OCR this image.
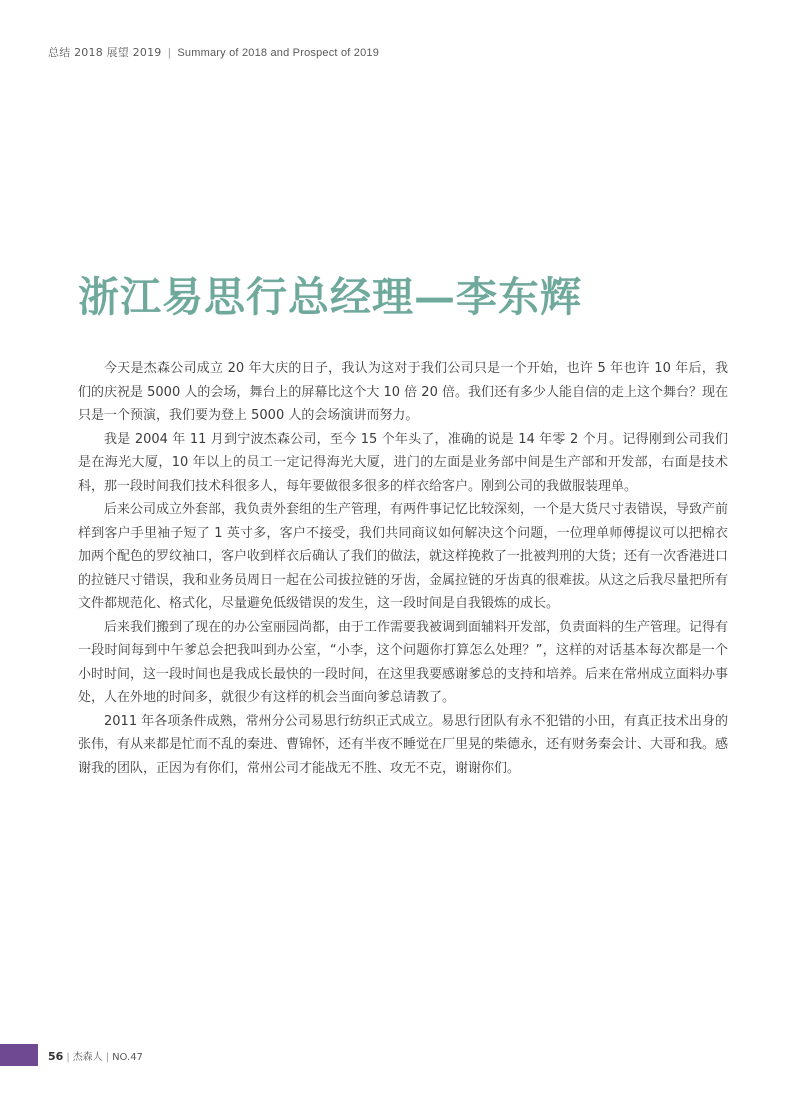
总结 2018 展望 2019 | Summary of 2018 and Prospect of 2019
浙江易思行总经理—李东辉

今天是杰森公司成立 20 年大庆的日子，我认为这对于我们公司只是一个开始，也许 5 年也许 10 年后，我们的庆祝是 5000 人的会场，舞台上的屏幕比这个大 10 倍 20 倍。我们还有多少人能自信的走上这个舞台？现在只是一个预演，我们要为登上 5000 人的会场演讲而努力。

我是 2004 年 11 月到宁波杰森公司，至今 15 个年头了，准确的说是 14 年零 2 个月。记得刚到公司我们是在海光大厦，10 年以上的员工一定记得海光大厦，进门的左面是业务部中间是生产部和开发部，右面是技术科，那一段时间我们技术科很多人，每年要做很多很多的样衣给客户。刚到公司的我做服装理单。

后来公司成立外套部，我负责外套组的生产管理，有两件事记忆比较深刻，一个是大货尺寸表错误，导致产前样到客户手里袖子短了 1 英寸多，客户不接受，我们共同商议如何解决这个问题，一位理单师傅提议可以把棉衣加两个配色的罗纹袖口，客户收到样衣后确认了我们的做法，就这样挽救了一批被判刑的大货；还有一次香港进口的拉链尺寸错误，我和业务员周日一起在公司拔拉链的牙齿，金属拉链的牙齿真的很难拔。从这之后我尽量把所有文件都规范化、格式化，尽量避免低级错误的发生，这一段时间是自我锻炼的成长。

后来我们搬到了现在的办公室丽园尚都，由于工作需要我被调到面辅料开发部，负责面料的生产管理。记得有一段时间每到中午爹总会把我叫到办公室，“小李，这个问题你打算怎么处理？”，这样的对话基本每次都是一个小时时间，这一段时间也是我成长最快的一段时间，在这里我要感谢爹总的支持和培养。后来在常州成立面料办事处，人在外地的时间多，就很少有这样的机会当面向爹总请教了。

2011 年各项条件成熟，常州分公司易思行纺织正式成立。易思行团队有永不犯错的小田，有真正技术出身的张伟，有从来都是忙而不乱的秦进、曹锦怀，还有半夜不睡觉在厂里晃的柴德永，还有财务秦会计、大哥和我。感谢我的团队，正因为有你们，常州公司才能战无不胜、攻无不克，谢谢你们。

56 | 杰森人 | NO.47
